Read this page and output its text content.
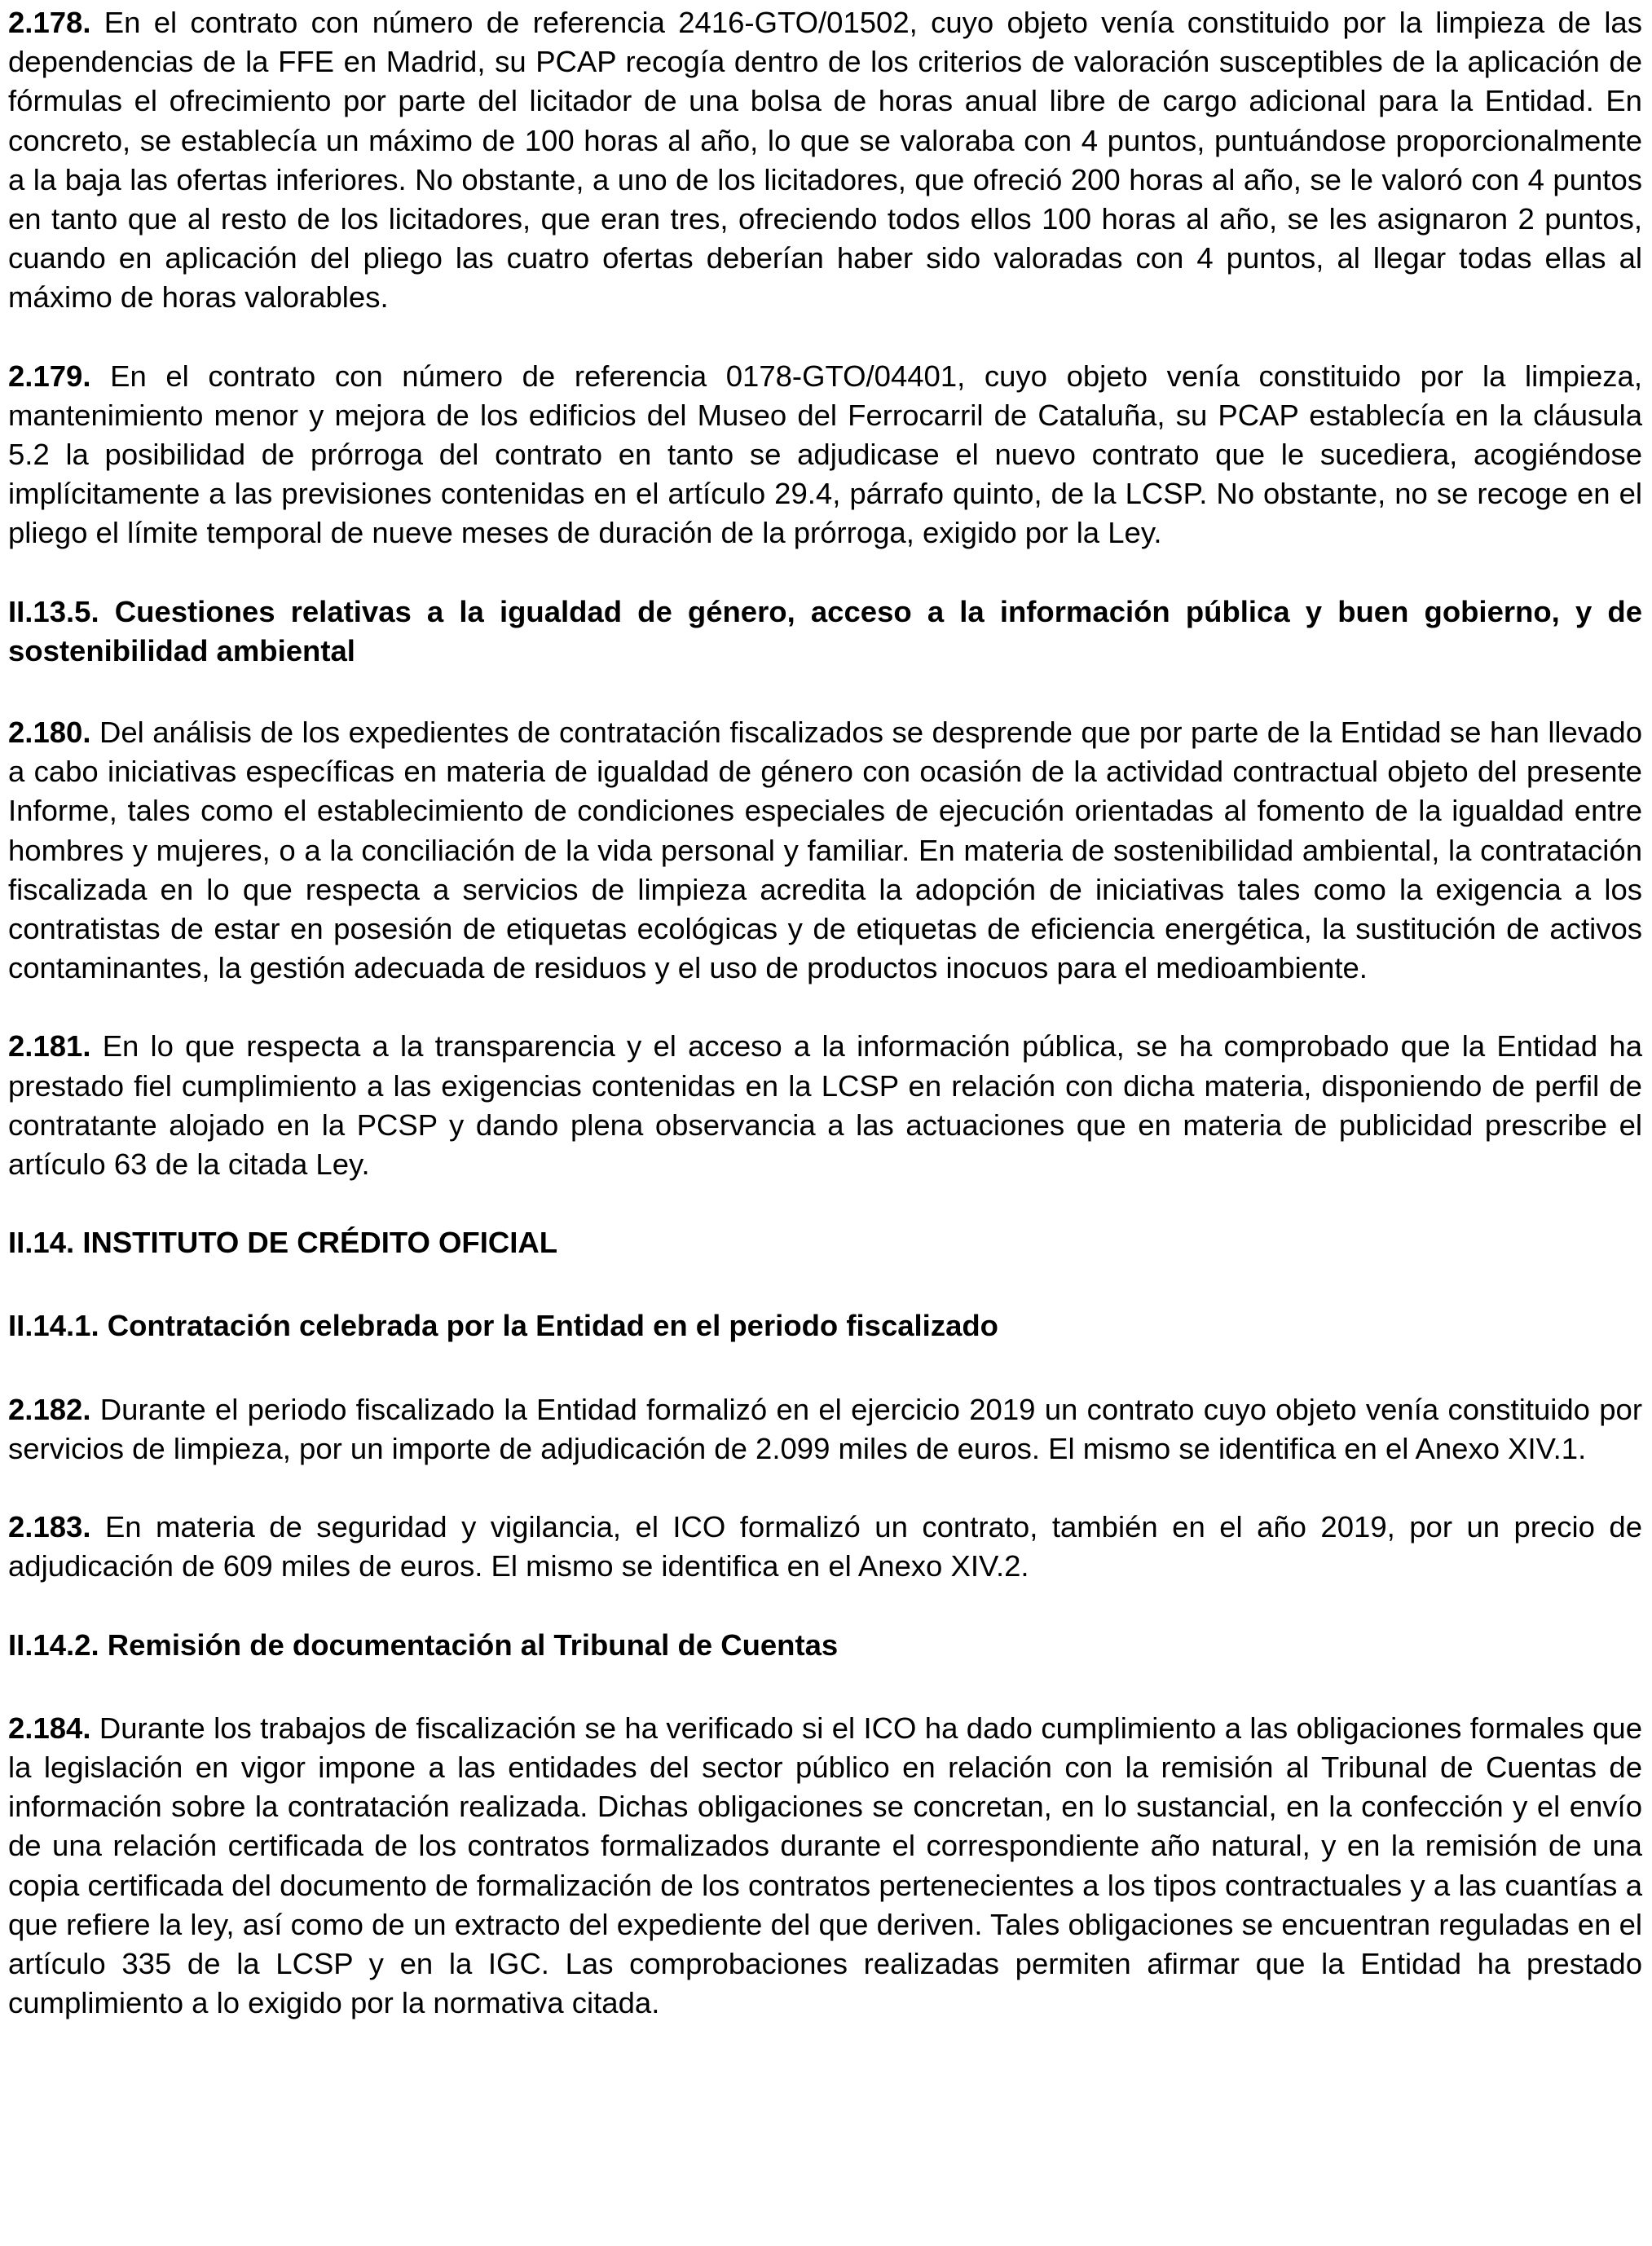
2.178. En el contrato con número de referencia 2416-GTO/01502, cuyo objeto venía constituido por la limpieza de las dependencias de la FFE en Madrid, su PCAP recogía dentro de los criterios de valoración susceptibles de la aplicación de fórmulas el ofrecimiento por parte del licitador de una bolsa de horas anual libre de cargo adicional para la Entidad. En concreto, se establecía un máximo de 100 horas al año, lo que se valoraba con 4 puntos, puntuándose proporcionalmente a la baja las ofertas inferiores. No obstante, a uno de los licitadores, que ofreció 200 horas al año, se le valoró con 4 puntos en tanto que al resto de los licitadores, que eran tres, ofreciendo todos ellos 100 horas al año, se les asignaron 2 puntos, cuando en aplicación del pliego las cuatro ofertas deberían haber sido valoradas con 4 puntos, al llegar todas ellas al máximo de horas valorables.

2.179. En el contrato con número de referencia 0178-GTO/04401, cuyo objeto venía constituido por la limpieza, mantenimiento menor y mejora de los edificios del Museo del Ferrocarril de Cataluña, su PCAP establecía en la cláusula 5.2 la posibilidad de prórroga del contrato en tanto se adjudicase el nuevo contrato que le sucediera, acogiéndose implícitamente a las previsiones contenidas en el artículo 29.4, párrafo quinto, de la LCSP. No obstante, no se recoge en el pliego el límite temporal de nueve meses de duración de la prórroga, exigido por la Ley.

II.13.5. Cuestiones relativas a la igualdad de género, acceso a la información pública y buen gobierno, y de sostenibilidad ambiental

2.180. Del análisis de los expedientes de contratación fiscalizados se desprende que por parte de la Entidad se han llevado a cabo iniciativas específicas en materia de igualdad de género con ocasión de la actividad contractual objeto del presente Informe, tales como el establecimiento de condiciones especiales de ejecución orientadas al fomento de la igualdad entre hombres y mujeres, o a la conciliación de la vida personal y familiar. En materia de sostenibilidad ambiental, la contratación fiscalizada en lo que respecta a servicios de limpieza acredita la adopción de iniciativas tales como la exigencia a los contratistas de estar en posesión de etiquetas ecológicas y de etiquetas de eficiencia energética, la sustitución de activos contaminantes, la gestión adecuada de residuos y el uso de productos inocuos para el medioambiente.

2.181. En lo que respecta a la transparencia y el acceso a la información pública, se ha comprobado que la Entidad ha prestado fiel cumplimiento a las exigencias contenidas en la LCSP en relación con dicha materia, disponiendo de perfil de contratante alojado en la PCSP y dando plena observancia a las actuaciones que en materia de publicidad prescribe el artículo 63 de la citada Ley.

II.14. INSTITUTO DE CRÉDITO OFICIAL

II.14.1. Contratación celebrada por la Entidad en el periodo fiscalizado

2.182. Durante el periodo fiscalizado la Entidad formalizó en el ejercicio 2019 un contrato cuyo objeto venía constituido por servicios de limpieza, por un importe de adjudicación de 2.099 miles de euros. El mismo se identifica en el Anexo XIV.1.

2.183. En materia de seguridad y vigilancia, el ICO formalizó un contrato, también en el año 2019, por un precio de adjudicación de 609 miles de euros. El mismo se identifica en el Anexo XIV.2.

II.14.2. Remisión de documentación al Tribunal de Cuentas

2.184. Durante los trabajos de fiscalización se ha verificado si el ICO ha dado cumplimiento a las obligaciones formales que la legislación en vigor impone a las entidades del sector público en relación con la remisión al Tribunal de Cuentas de información sobre la contratación realizada. Dichas obligaciones se concretan, en lo sustancial, en la confección y el envío de una relación certificada de los contratos formalizados durante el correspondiente año natural, y en la remisión de una copia certificada del documento de formalización de los contratos pertenecientes a los tipos contractuales y a las cuantías a que refiere la ley, así como de un extracto del expediente del que deriven. Tales obligaciones se encuentran reguladas en el artículo 335 de la LCSP y en la IGC. Las comprobaciones realizadas permiten afirmar que la Entidad ha prestado cumplimiento a lo exigido por la normativa citada.
